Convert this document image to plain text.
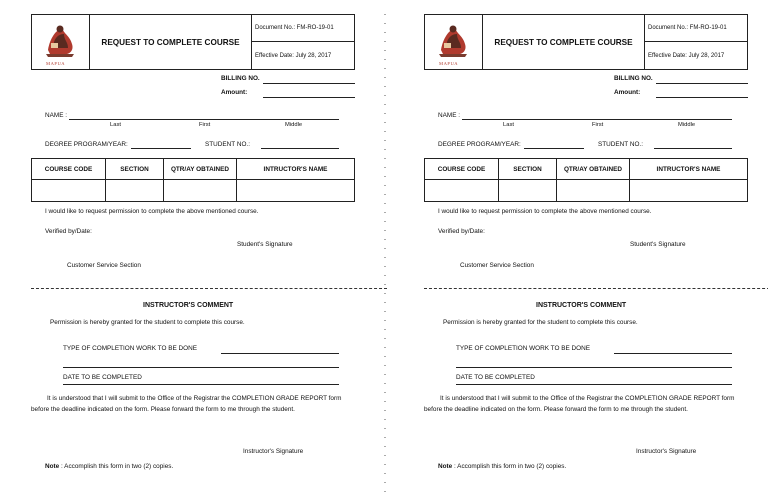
MAPUA
REQUEST TO COMPLETE COURSE
Document No.: FM-RO-19-01
Effective Date: July 28, 2017
BILLING NO.
Amount:
NAME :
Last	First	Middle
DEGREE PROGRAM/YEAR:	STUDENT NO.:
COURSE CODE	SECTION	QTR/AY OBTAINED	INTRUCTOR'S NAME
I would like to request permission to complete the above mentioned course.
Verified by/Date:
Student's Signature
Customer Service Section
INSTRUCTOR'S COMMENT
Permission is hereby granted for the student to complete this course.
TYPE OF COMPLETION WORK TO BE DONE
DATE TO BE COMPLETED
It is understood that I will submit to the Office of the Registrar the COMPLETION GRADE REPORT form before the deadline indicated on the form. Please forward the form to me through the student.
Instructor's Signature
Note : Accomplish this form in two (2) copies.
MAPUA
REQUEST TO COMPLETE COURSE
Document No.: FM-RO-19-01
Effective Date: July 28, 2017
BILLING NO.
Amount:
NAME :
Last	First	Middle
DEGREE PROGRAM/YEAR:	STUDENT NO.:
COURSE CODE	SECTION	QTR/AY OBTAINED	INTRUCTOR'S NAME
I would like to request permission to complete the above mentioned course.
Verified by/Date:
Student's Signature
Customer Service Section
INSTRUCTOR'S COMMENT
Permission is hereby granted for the student to complete this course.
TYPE OF COMPLETION WORK TO BE DONE
DATE TO BE COMPLETED
It is understood that I will submit to the Office of the Registrar the COMPLETION GRADE REPORT form before the deadline indicated on the form. Please forward the form to me through the student.
Instructor's Signature
Note : Accomplish this form in two (2) copies.
